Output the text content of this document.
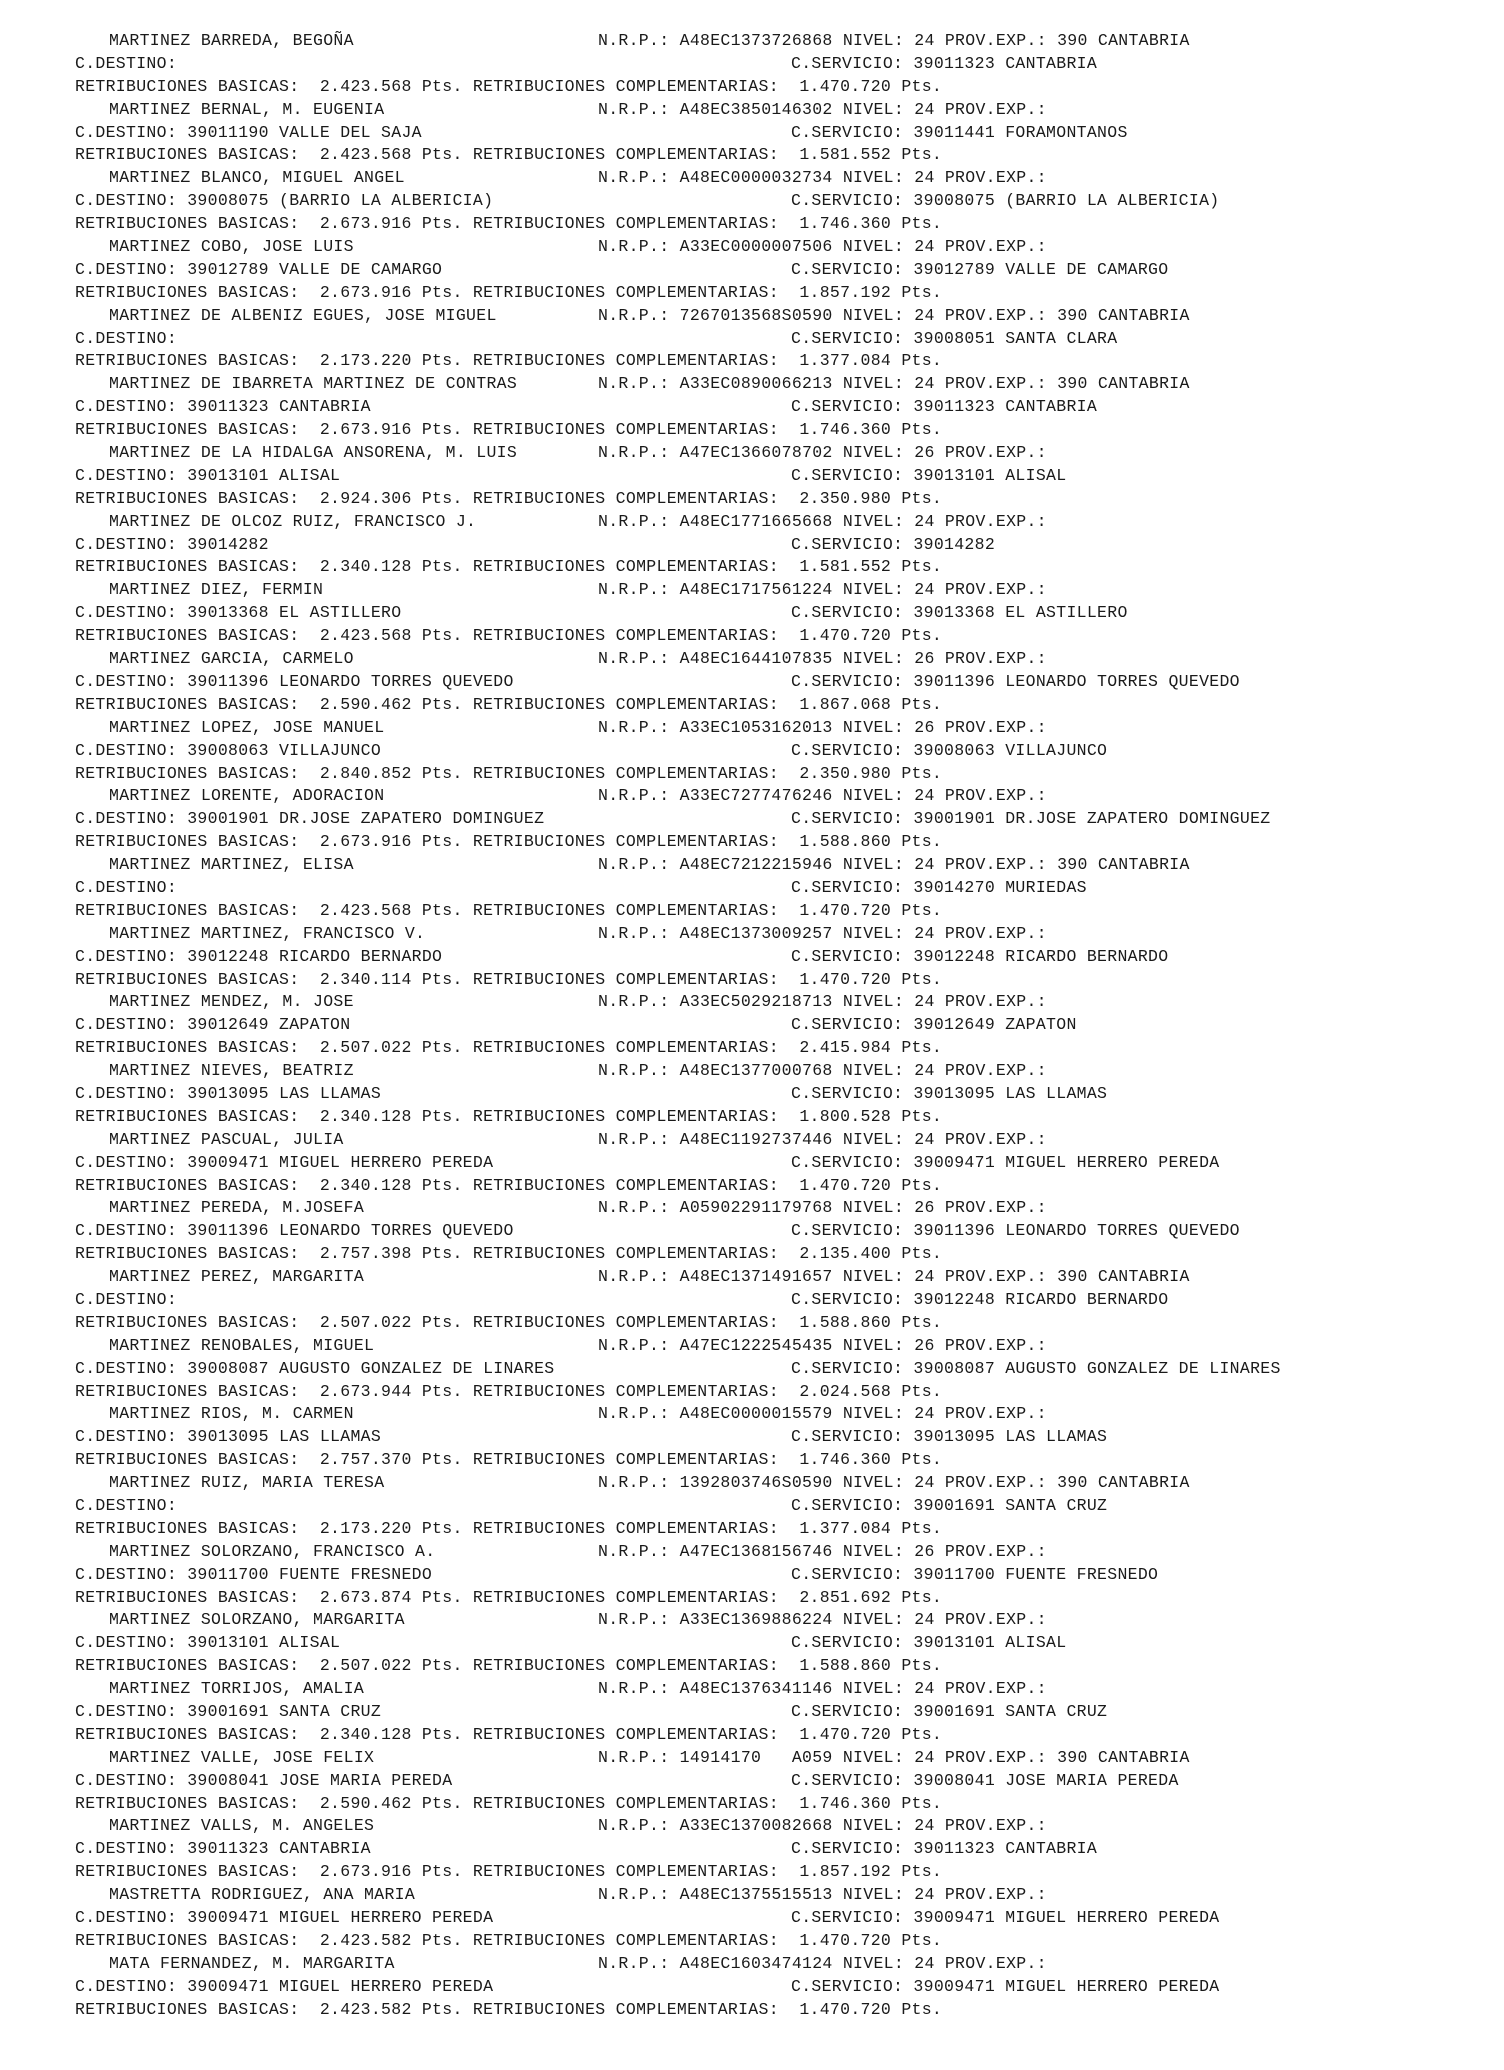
MARTINEZ BARREDA, BEGOÑA	N.R.P.: A48EC1373726868 NIVEL: 24 PROV.EXP.: 390 CANTABRIA
C.DESTINO:	C.SERVICIO: 39011323 CANTABRIA
RETRIBUCIONES BASICAS:  2.423.568 Pts. RETRIBUCIONES COMPLEMENTARIAS:  1.470.720 Pts.
MARTINEZ BERNAL, M. EUGENIA	N.R.P.: A48EC3850146302 NIVEL: 24 PROV.EXP.:
C.DESTINO: 39011190 VALLE DEL SAJA	C.SERVICIO: 39011441 FORAMONTANOS
RETRIBUCIONES BASICAS:  2.423.568 Pts. RETRIBUCIONES COMPLEMENTARIAS:  1.581.552 Pts.
MARTINEZ BLANCO, MIGUEL ANGEL	N.R.P.: A48EC0000032734 NIVEL: 24 PROV.EXP.:
C.DESTINO: 39008075 (BARRIO LA ALBERICIA)	C.SERVICIO: 39008075 (BARRIO LA ALBERICIA)
RETRIBUCIONES BASICAS:  2.673.916 Pts. RETRIBUCIONES COMPLEMENTARIAS:  1.746.360 Pts.
MARTINEZ COBO, JOSE LUIS	N.R.P.: A33EC0000007506 NIVEL: 24 PROV.EXP.:
C.DESTINO: 39012789 VALLE DE CAMARGO	C.SERVICIO: 39012789 VALLE DE CAMARGO
RETRIBUCIONES BASICAS:  2.673.916 Pts. RETRIBUCIONES COMPLEMENTARIAS:  1.857.192 Pts.
MARTINEZ DE ALBENIZ EGUES, JOSE MIGUEL	N.R.P.: 7267013568S0590 NIVEL: 24 PROV.EXP.: 390 CANTABRIA
C.DESTINO:	C.SERVICIO: 39008051 SANTA CLARA
RETRIBUCIONES BASICAS:  2.173.220 Pts. RETRIBUCIONES COMPLEMENTARIAS:  1.377.084 Pts.
MARTINEZ DE IBARRETA MARTINEZ DE CONTRAS	N.R.P.: A33EC0890066213 NIVEL: 24 PROV.EXP.: 390 CANTABRIA
C.DESTINO: 39011323 CANTABRIA	C.SERVICIO: 39011323 CANTABRIA
RETRIBUCIONES BASICAS:  2.673.916 Pts. RETRIBUCIONES COMPLEMENTARIAS:  1.746.360 Pts.
MARTINEZ DE LA HIDALGA ANSORENA, M. LUIS	N.R.P.: A47EC1366078702 NIVEL: 26 PROV.EXP.:
C.DESTINO: 39013101 ALISAL	C.SERVICIO: 39013101 ALISAL
RETRIBUCIONES BASICAS:  2.924.306 Pts. RETRIBUCIONES COMPLEMENTARIAS:  2.350.980 Pts.
MARTINEZ DE OLCOZ RUIZ, FRANCISCO J.	N.R.P.: A48EC1771665668 NIVEL: 24 PROV.EXP.:
C.DESTINO: 39014282	C.SERVICIO: 39014282
RETRIBUCIONES BASICAS:  2.340.128 Pts. RETRIBUCIONES COMPLEMENTARIAS:  1.581.552 Pts.
MARTINEZ DIEZ, FERMIN	N.R.P.: A48EC1717561224 NIVEL: 24 PROV.EXP.:
C.DESTINO: 39013368 EL ASTILLERO	C.SERVICIO: 39013368 EL ASTILLERO
RETRIBUCIONES BASICAS:  2.423.568 Pts. RETRIBUCIONES COMPLEMENTARIAS:  1.470.720 Pts.
MARTINEZ GARCIA, CARMELO	N.R.P.: A48EC1644107835 NIVEL: 26 PROV.EXP.:
C.DESTINO: 39011396 LEONARDO TORRES QUEVEDO	C.SERVICIO: 39011396 LEONARDO TORRES QUEVEDO
RETRIBUCIONES BASICAS:  2.590.462 Pts. RETRIBUCIONES COMPLEMENTARIAS:  1.867.068 Pts.
MARTINEZ LOPEZ, JOSE MANUEL	N.R.P.: A33EC1053162013 NIVEL: 26 PROV.EXP.:
C.DESTINO: 39008063 VILLAJUNCO	C.SERVICIO: 39008063 VILLAJUNCO
RETRIBUCIONES BASICAS:  2.840.852 Pts. RETRIBUCIONES COMPLEMENTARIAS:  2.350.980 Pts.
MARTINEZ LORENTE, ADORACION	N.R.P.: A33EC7277476246 NIVEL: 24 PROV.EXP.:
C.DESTINO: 39001901 DR.JOSE ZAPATERO DOMINGUEZ	C.SERVICIO: 39001901 DR.JOSE ZAPATERO DOMINGUEZ
RETRIBUCIONES BASICAS:  2.673.916 Pts. RETRIBUCIONES COMPLEMENTARIAS:  1.588.860 Pts.
MARTINEZ MARTINEZ, ELISA	N.R.P.: A48EC7212215946 NIVEL: 24 PROV.EXP.: 390 CANTABRIA
C.DESTINO:	C.SERVICIO: 39014270 MURIEDAS
RETRIBUCIONES BASICAS:  2.423.568 Pts. RETRIBUCIONES COMPLEMENTARIAS:  1.470.720 Pts.
MARTINEZ MARTINEZ, FRANCISCO V.	N.R.P.: A48EC1373009257 NIVEL: 24 PROV.EXP.:
C.DESTINO: 39012248 RICARDO BERNARDO	C.SERVICIO: 39012248 RICARDO BERNARDO
RETRIBUCIONES BASICAS:  2.340.114 Pts. RETRIBUCIONES COMPLEMENTARIAS:  1.470.720 Pts.
MARTINEZ MENDEZ, M. JOSE	N.R.P.: A33EC5029218713 NIVEL: 24 PROV.EXP.:
C.DESTINO: 39012649 ZAPATON	C.SERVICIO: 39012649 ZAPATON
RETRIBUCIONES BASICAS:  2.507.022 Pts. RETRIBUCIONES COMPLEMENTARIAS:  2.415.984 Pts.
MARTINEZ NIEVES, BEATRIZ	N.R.P.: A48EC1377000768 NIVEL: 24 PROV.EXP.:
C.DESTINO: 39013095 LAS LLAMAS	C.SERVICIO: 39013095 LAS LLAMAS
RETRIBUCIONES BASICAS:  2.340.128 Pts. RETRIBUCIONES COMPLEMENTARIAS:  1.800.528 Pts.
MARTINEZ PASCUAL, JULIA	N.R.P.: A48EC1192737446 NIVEL: 24 PROV.EXP.:
C.DESTINO: 39009471 MIGUEL HERRERO PEREDA	C.SERVICIO: 39009471 MIGUEL HERRERO PEREDA
RETRIBUCIONES BASICAS:  2.340.128 Pts. RETRIBUCIONES COMPLEMENTARIAS:  1.470.720 Pts.
MARTINEZ PEREDA, M.JOSEFA	N.R.P.: A05902291179768 NIVEL: 26 PROV.EXP.:
C.DESTINO: 39011396 LEONARDO TORRES QUEVEDO	C.SERVICIO: 39011396 LEONARDO TORRES QUEVEDO
RETRIBUCIONES BASICAS:  2.757.398 Pts. RETRIBUCIONES COMPLEMENTARIAS:  2.135.400 Pts.
MARTINEZ PEREZ, MARGARITA	N.R.P.: A48EC1371491657 NIVEL: 24 PROV.EXP.: 390 CANTABRIA
C.DESTINO:	C.SERVICIO: 39012248 RICARDO BERNARDO
RETRIBUCIONES BASICAS:  2.507.022 Pts. RETRIBUCIONES COMPLEMENTARIAS:  1.588.860 Pts.
MARTINEZ RENOBALES, MIGUEL	N.R.P.: A47EC1222545435 NIVEL: 26 PROV.EXP.:
C.DESTINO: 39008087 AUGUSTO GONZALEZ DE LINARES	C.SERVICIO: 39008087 AUGUSTO GONZALEZ DE LINARES
RETRIBUCIONES BASICAS:  2.673.944 Pts. RETRIBUCIONES COMPLEMENTARIAS:  2.024.568 Pts.
MARTINEZ RIOS, M. CARMEN	N.R.P.: A48EC0000015579 NIVEL: 24 PROV.EXP.:
C.DESTINO: 39013095 LAS LLAMAS	C.SERVICIO: 39013095 LAS LLAMAS
RETRIBUCIONES BASICAS:  2.757.370 Pts. RETRIBUCIONES COMPLEMENTARIAS:  1.746.360 Pts.
MARTINEZ RUIZ, MARIA TERESA	N.R.P.: 1392803746S0590 NIVEL: 24 PROV.EXP.: 390 CANTABRIA
C.DESTINO:	C.SERVICIO: 39001691 SANTA CRUZ
RETRIBUCIONES BASICAS:  2.173.220 Pts. RETRIBUCIONES COMPLEMENTARIAS:  1.377.084 Pts.
MARTINEZ SOLORZANO, FRANCISCO A.	N.R.P.: A47EC1368156746 NIVEL: 26 PROV.EXP.:
C.DESTINO: 39011700 FUENTE FRESNEDO	C.SERVICIO: 39011700 FUENTE FRESNEDO
RETRIBUCIONES BASICAS:  2.673.874 Pts. RETRIBUCIONES COMPLEMENTARIAS:  2.851.692 Pts.
MARTINEZ SOLORZANO, MARGARITA	N.R.P.: A33EC1369886224 NIVEL: 24 PROV.EXP.:
C.DESTINO: 39013101 ALISAL	C.SERVICIO: 39013101 ALISAL
RETRIBUCIONES BASICAS:  2.507.022 Pts. RETRIBUCIONES COMPLEMENTARIAS:  1.588.860 Pts.
MARTINEZ TORRIJOS, AMALIA	N.R.P.: A48EC1376341146 NIVEL: 24 PROV.EXP.:
C.DESTINO: 39001691 SANTA CRUZ	C.SERVICIO: 39001691 SANTA CRUZ
RETRIBUCIONES BASICAS:  2.340.128 Pts. RETRIBUCIONES COMPLEMENTARIAS:  1.470.720 Pts.
MARTINEZ VALLE, JOSE FELIX	N.R.P.: 14914170   A059 NIVEL: 24 PROV.EXP.: 390 CANTABRIA
C.DESTINO: 39008041 JOSE MARIA PEREDA	C.SERVICIO: 39008041 JOSE MARIA PEREDA
RETRIBUCIONES BASICAS:  2.590.462 Pts. RETRIBUCIONES COMPLEMENTARIAS:  1.746.360 Pts.
MARTINEZ VALLS, M. ANGELES	N.R.P.: A33EC1370082668 NIVEL: 24 PROV.EXP.:
C.DESTINO: 39011323 CANTABRIA	C.SERVICIO: 39011323 CANTABRIA
RETRIBUCIONES BASICAS:  2.673.916 Pts. RETRIBUCIONES COMPLEMENTARIAS:  1.857.192 Pts.
MASTRETTA RODRIGUEZ, ANA MARIA	N.R.P.: A48EC1375515513 NIVEL: 24 PROV.EXP.:
C.DESTINO: 39009471 MIGUEL HERRERO PEREDA	C.SERVICIO: 39009471 MIGUEL HERRERO PEREDA
RETRIBUCIONES BASICAS:  2.423.582 Pts. RETRIBUCIONES COMPLEMENTARIAS:  1.470.720 Pts.
MATA FERNANDEZ, M. MARGARITA	N.R.P.: A48EC1603474124 NIVEL: 24 PROV.EXP.:
C.DESTINO: 39009471 MIGUEL HERRERO PEREDA	C.SERVICIO: 39009471 MIGUEL HERRERO PEREDA
RETRIBUCIONES BASICAS:  2.423.582 Pts. RETRIBUCIONES COMPLEMENTARIAS:  1.470.720 Pts.
